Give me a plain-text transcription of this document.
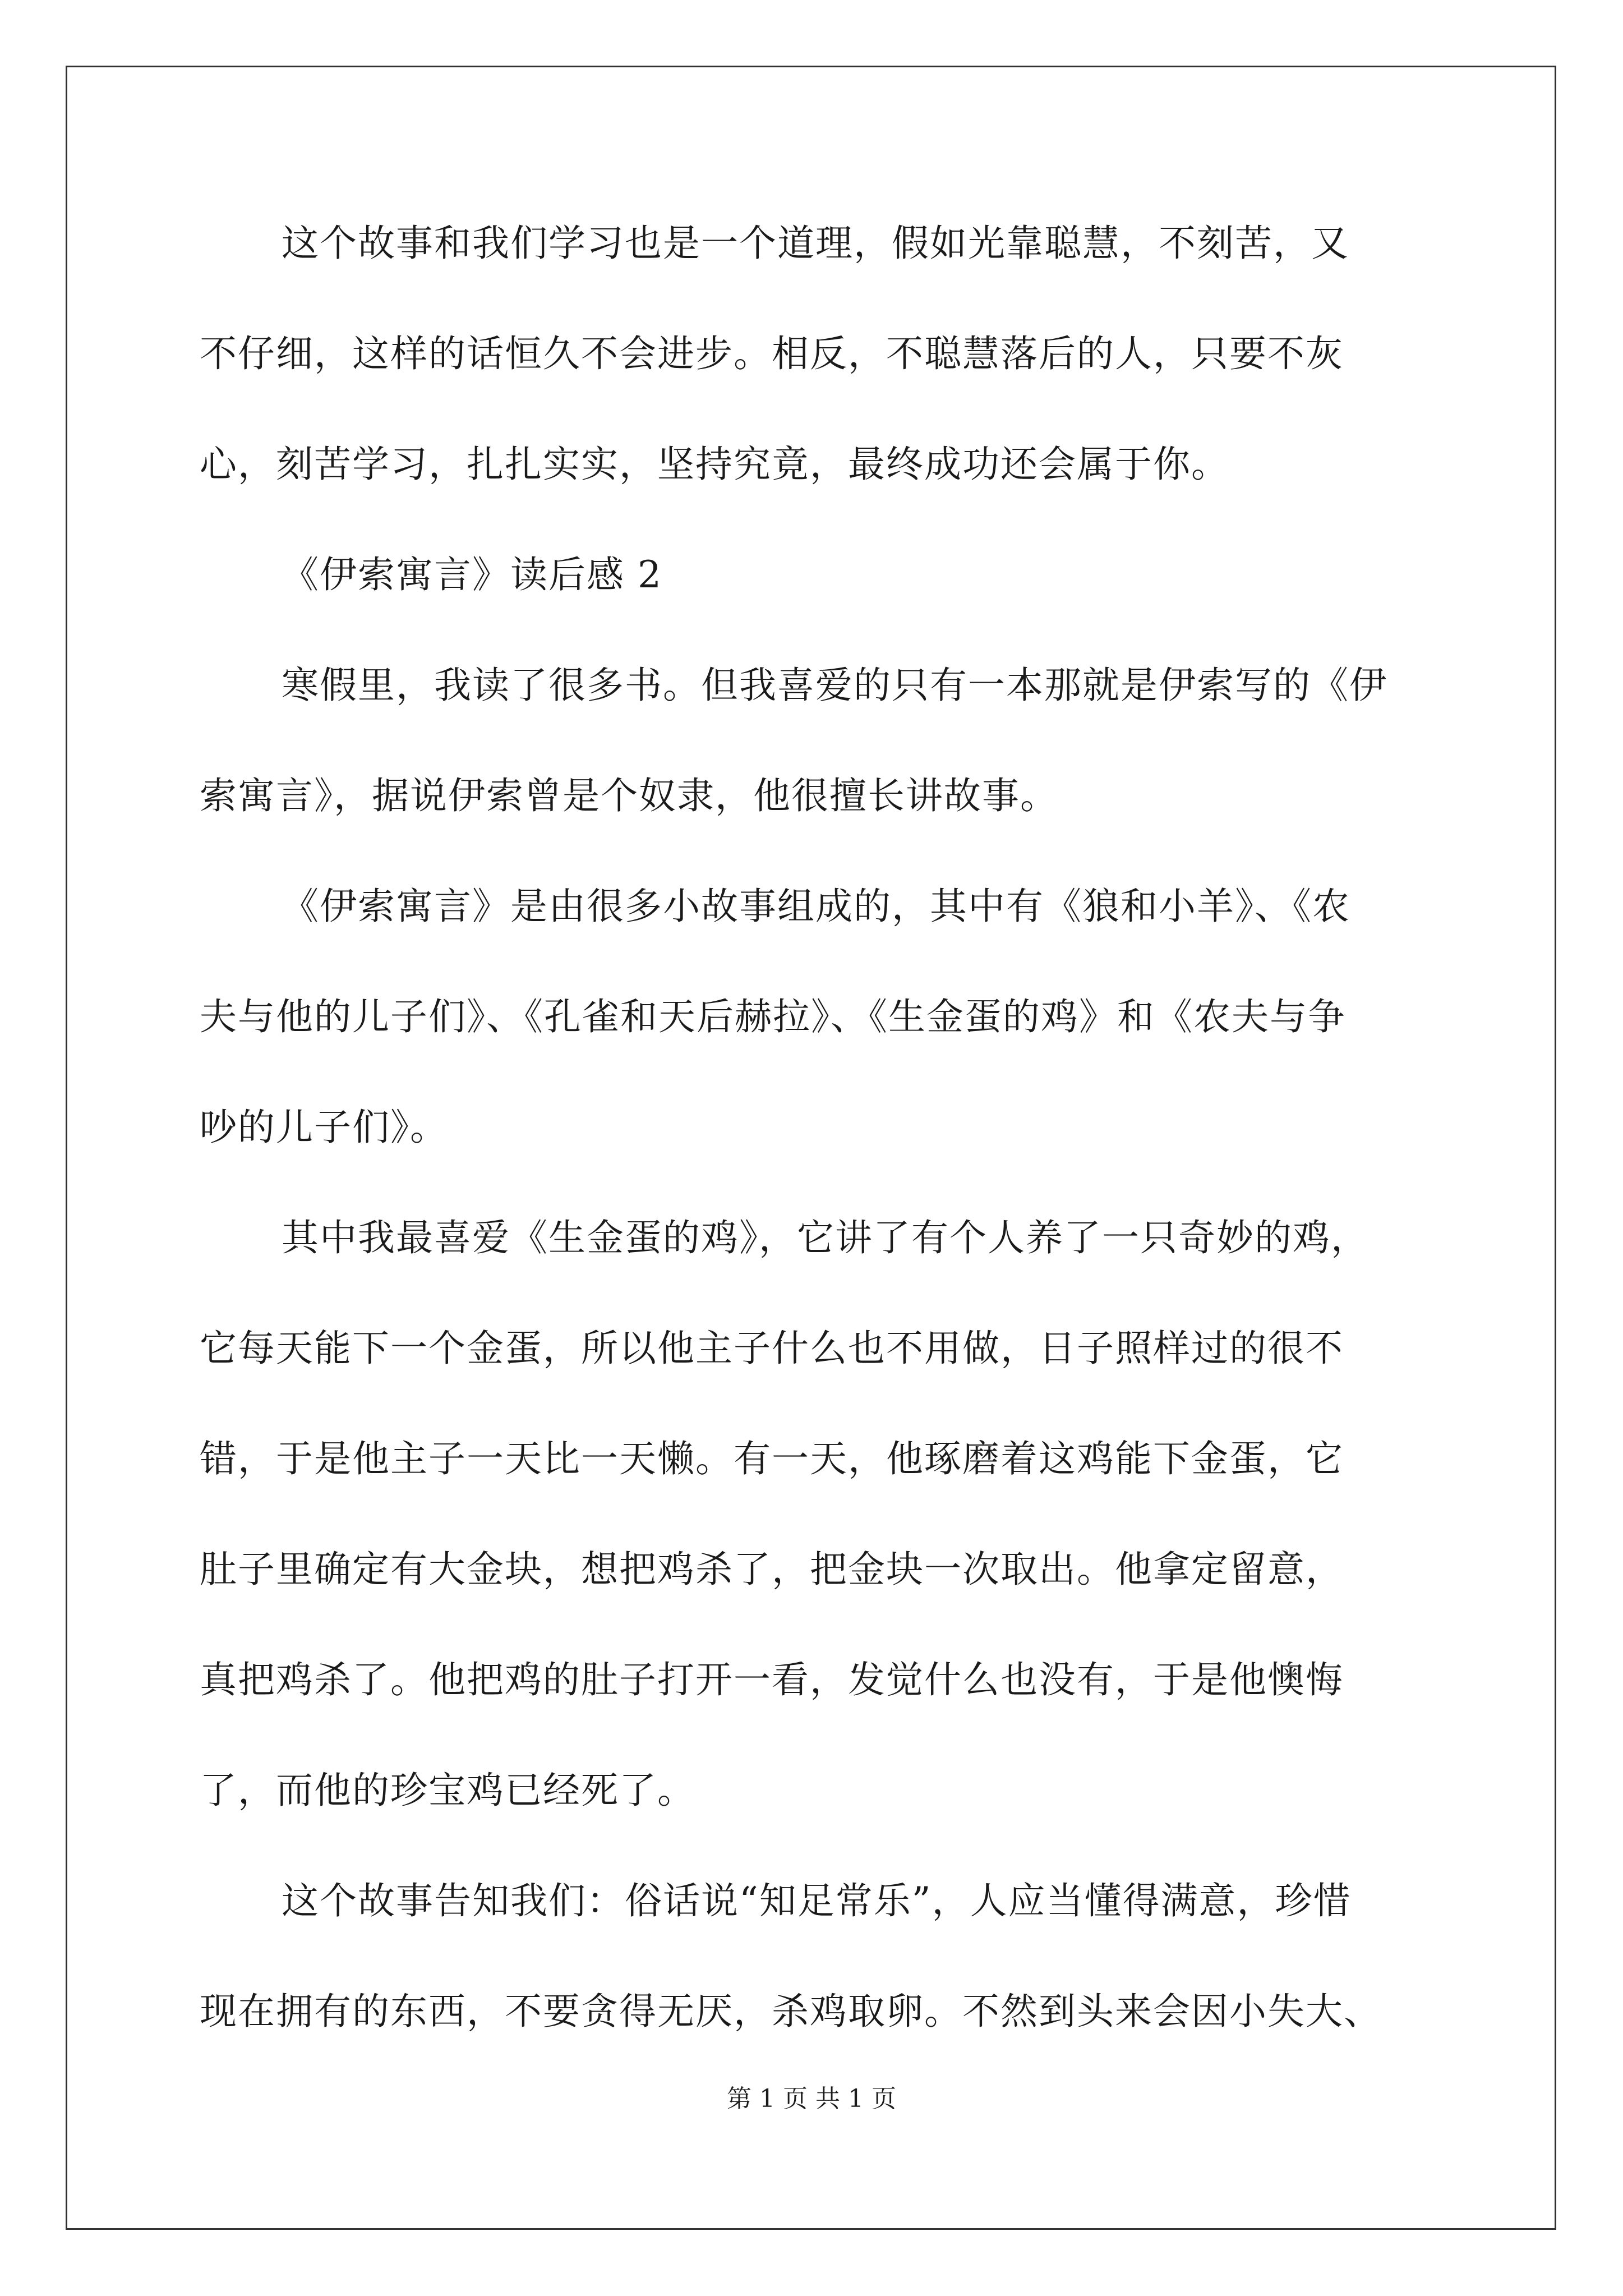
这个故事和我们学习也是一个道理，假如光靠聪慧，不刻苦，又
不仔细，这样的话恒久不会进步。相反，不聪慧落后的人，只要不灰
心，刻苦学习，扎扎实实，坚持究竟，最终成功还会属于你。
《伊索寓言》读后感 2
寒假里，我读了很多书。但我喜爱的只有一本那就是伊索写的《伊
索寓言》，据说伊索曾是个奴隶，他很擅长讲故事。
《伊索寓言》是由很多小故事组成的，其中有《狼和小羊》、《农
夫与他的儿子们》、《孔雀和天后赫拉》、《生金蛋的鸡》和《农夫与争
吵的儿子们》。
其中我最喜爱《生金蛋的鸡》，它讲了有个人养了一只奇妙的鸡，
它每天能下一个金蛋，所以他主子什么也不用做，日子照样过的很不
错，于是他主子一天比一天懒。有一天，他琢磨着这鸡能下金蛋，它
肚子里确定有大金块，想把鸡杀了，把金块一次取出。他拿定留意，
真把鸡杀了。他把鸡的肚子打开一看，发觉什么也没有，于是他懊悔
了，而他的珍宝鸡已经死了。
这个故事告知我们：俗话说“知足常乐”，人应当懂得满意，珍惜
现在拥有的东西，不要贪得无厌，杀鸡取卵。不然到头来会因小失大、
第 1 页 共 1 页
